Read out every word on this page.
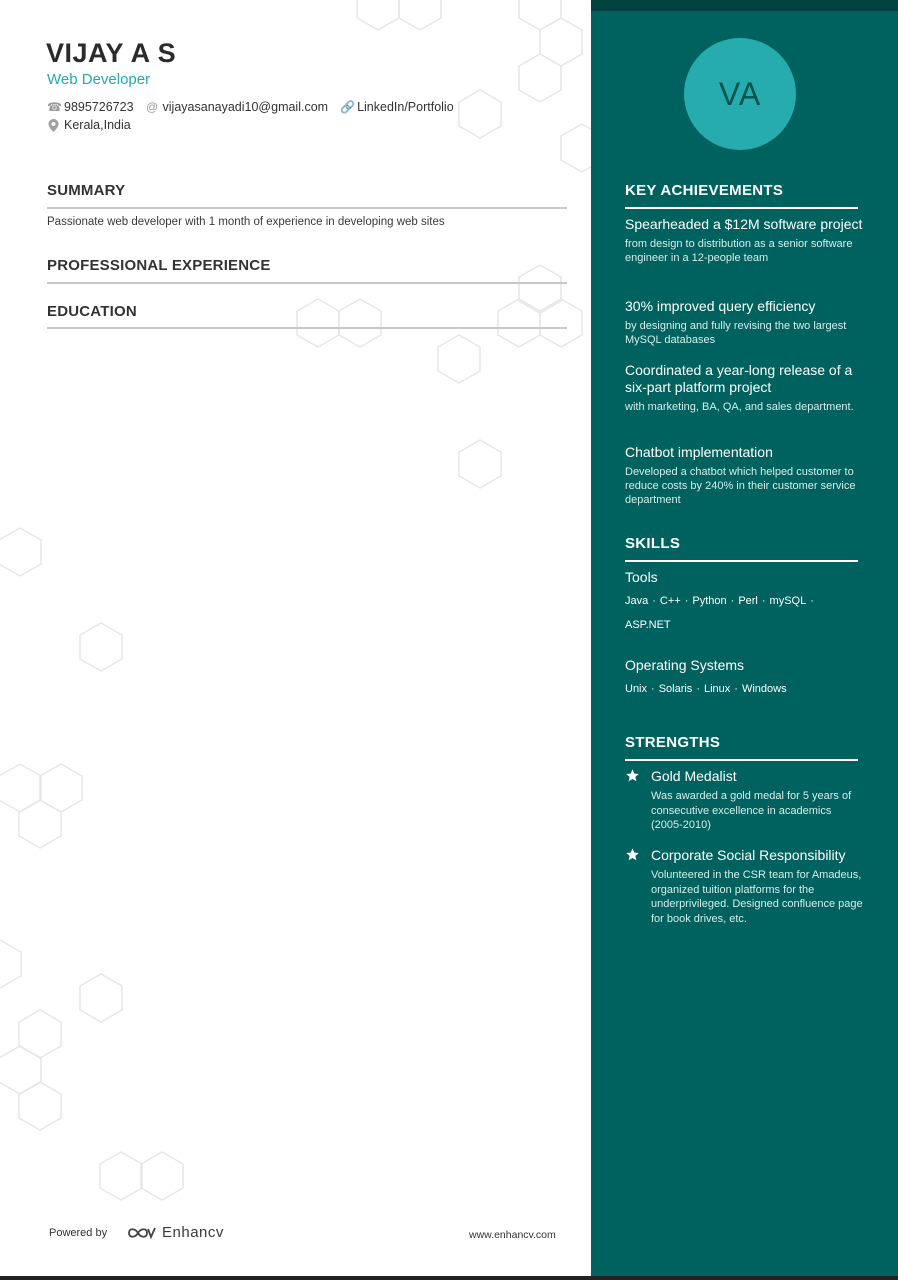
VIJAY A S

Web Developer

☎ 9895726723 @ vijayasanayadi10@gmail.com 🔗 LinkedIn/Portfolio
Kerala,India
SUMMARY

Passionate web developer with 1 month of experience in developing web sites

PROFESSIONAL EXPERIENCE
EDUCATION
Powered by	Enhancv	www.enhancv.com
VA
KEY ACHIEVEMENTS

Spearheaded a $12M software project

from design to distribution as a senior software engineer in a 12-people team

30% improved query efficiency

by designing and fully revising the two largest MySQL databases

Coordinated a year-long release of a six-part platform project

with marketing, BA, QA, and sales department.

Chatbot implementation

Developed a chatbot which helped customer to reduce costs by 240% in their customer service department

SKILLS

Tools

Java · C++ · Python · Perl · mySQL ·

ASP.NET

Operating Systems

Unix · Solaris · Linux · Windows

STRENGTHS

Gold Medalist

Was awarded a gold medal for 5 years of consecutive excellence in academics (2005-2010)

Corporate Social Responsibility

Volunteered in the CSR team for Amadeus, organized tuition platforms for the underprivileged. Designed confluence page for book drives, etc.
